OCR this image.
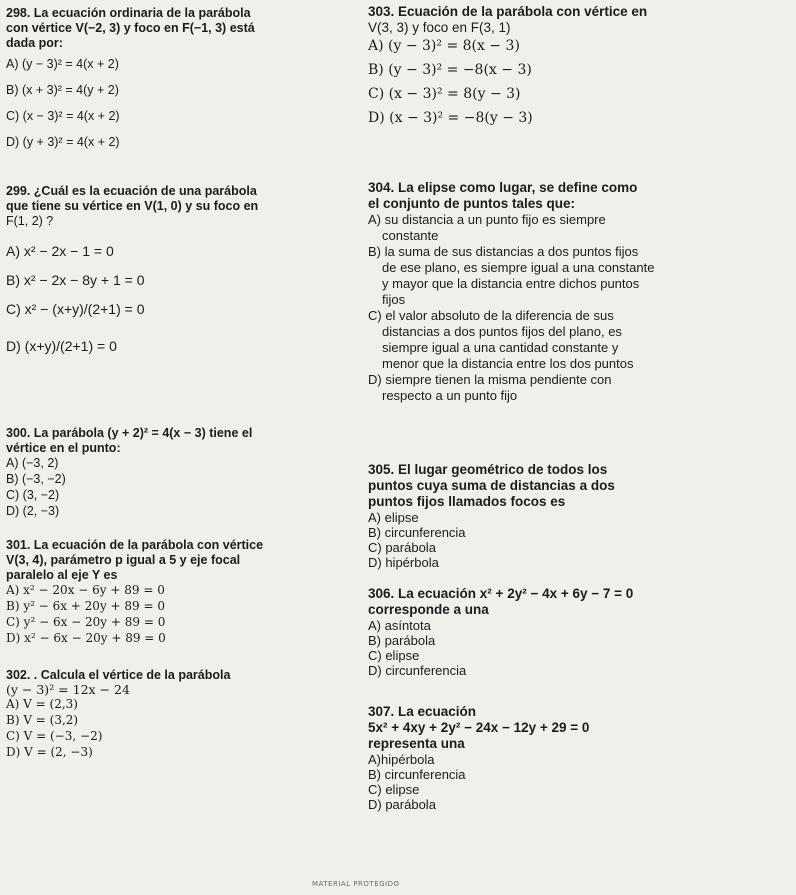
298. La ecuación ordinaria de la parábola

con vértice V(−2, 3) y foco en F(−1, 3) está

dada por:

A) (y − 3)² = 4(x + 2)

B) (x + 3)² = 4(y + 2)

C) (x − 3)² = 4(x + 2)

D) (y + 3)² = 4(x + 2)

299. ¿Cuál es la ecuación de una parábola

que tiene su vértice en V(1, 0) y su foco en

F(1, 2) ?

A) x² − 2x − 1 = 0

B) x² − 2x − 8y + 1 = 0

C) x² − (x+y)/(2+1) = 0

D) (x+y)/(2+1) = 0

300. La parábola (y + 2)² = 4(x − 3) tiene el

vértice en el punto:

A) (−3, 2)

B) (−3, −2)

C) (3, −2)

D) (2, −3)

301. La ecuación de la parábola con vértice

V(3, 4), parámetro p igual a 5 y eje focal

paralelo al eje Y es

A) x² − 20x − 6y + 89 = 0

B) y² − 6x + 20y + 89 = 0

C) y² − 6x − 20y + 89 = 0

D) x² − 6x − 20y + 89 = 0

302. . Calcula el vértice de la parábola

(y − 3)² = 12x − 24

A) V = (2,3)

B) V = (3,2)

C) V = (−3, −2)

D) V = (2, −3)

303. Ecuación de la parábola con vértice en

V(3, 3) y foco en F(3, 1)

A) (y − 3)² = 8(x − 3)

B) (y − 3)² = −8(x − 3)

C) (x − 3)² = 8(y − 3)

D) (x − 3)² = −8(y − 3)

304. La elipse como lugar, se define como

el conjunto de puntos tales que:

A) su distancia a un punto fijo es siempre

constante

B) la suma de sus distancias a dos puntos fijos

de ese plano, es siempre igual a una constante

y mayor que la distancia entre dichos puntos

fijos

C) el valor absoluto de la diferencia de sus

distancias a dos puntos fijos del plano, es

siempre igual a una cantidad constante y

menor que la distancia entre los dos puntos

D) siempre tienen la misma pendiente con

respecto a un punto fijo

305. El lugar geométrico de todos los

puntos cuya suma de distancias a dos

puntos fijos llamados focos es

A) elipse

B) circunferencia

C) parábola

D) hipérbola

306. La ecuación x² + 2y² − 4x + 6y − 7 = 0

corresponde a una

A) asíntota

B) parábola

C) elipse

D) circunferencia

307. La ecuación

5x² + 4xy + 2y² − 24x − 12y + 29 = 0

representa una

A)hipérbola

B) circunferencia

C) elipse

D) parábola

MATERIAL PROTEGIDO
